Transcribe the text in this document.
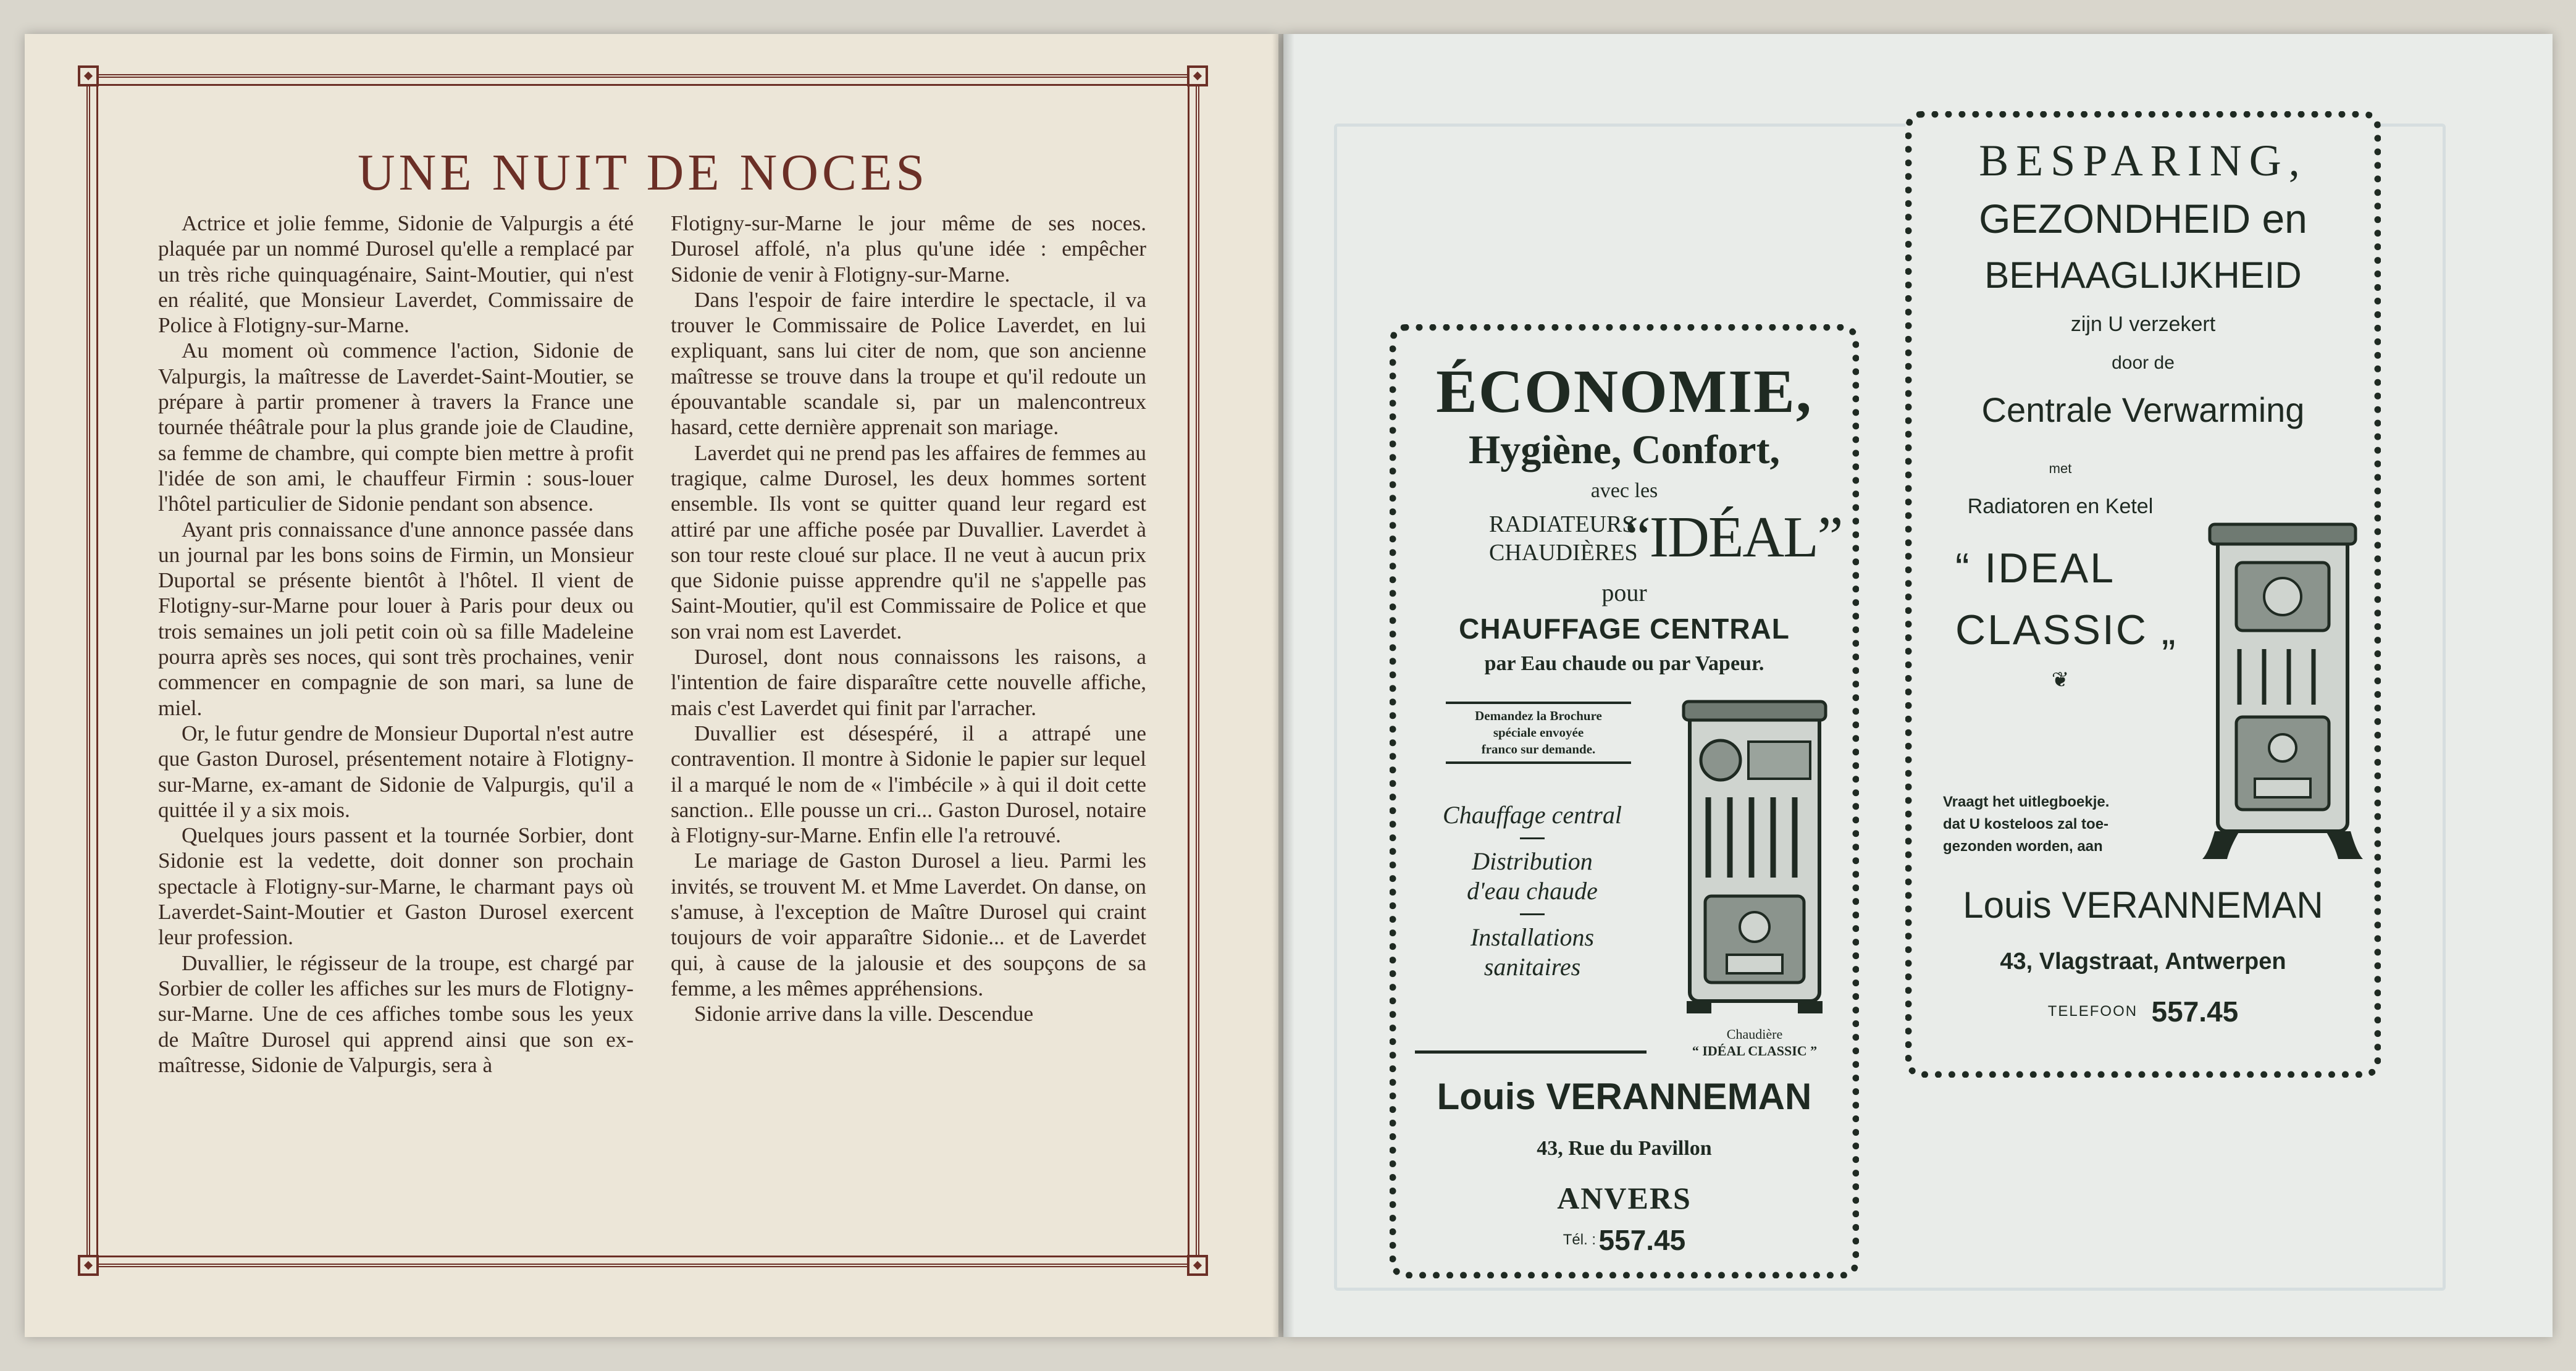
UNE NUIT DE NOCES

Actrice et jolie femme, Sidonie de Valpurgis a été plaquée par un nommé Durosel qu'elle a remplacé par un très riche quinquagénaire, Saint-Moutier, qui n'est en réalité, que Monsieur Laverdet, Commissaire de Police à Flotigny-sur-Marne.

Au moment où commence l'action, Sidonie de Valpurgis, la maîtresse de Laverdet-Saint-Moutier, se prépare à partir promener à travers la France une tournée théâtrale pour la plus grande joie de Claudine, sa femme de chambre, qui compte bien mettre à profit l'idée de son ami, le chauffeur Firmin : sous-louer l'hôtel particulier de Sidonie pendant son absence.

Ayant pris connaissance d'une annonce passée dans un journal par les bons soins de Firmin, un Monsieur Duportal se présente bientôt à l'hôtel. Il vient de Flotigny-sur-Marne pour louer à Paris pour deux ou trois semaines un joli petit coin où sa fille Madeleine pourra après ses noces, qui sont très prochaines, venir commencer en compagnie de son mari, sa lune de miel.

Or, le futur gendre de Monsieur Duportal n'est autre que Gaston Durosel, présentement notaire à Flotigny-sur-Marne, ex-amant de Sidonie de Valpurgis, qu'il a quittée il y a six mois.

Quelques jours passent et la tournée Sorbier, dont Sidonie est la vedette, doit donner son prochain spectacle à Flotigny-sur-Marne, le charmant pays où Laverdet-Saint-Moutier et Gaston Durosel exercent leur profession.

Duvallier, le régisseur de la troupe, est chargé par Sorbier de coller les affiches sur les murs de Flotigny-sur-Marne. Une de ces affiches tombe sous les yeux de Maître Durosel qui apprend ainsi que son ex-maîtresse, Sidonie de Valpurgis, sera à

Flotigny-sur-Marne le jour même de ses noces. Durosel affolé, n'a plus qu'une idée : empêcher Sidonie de venir à Flotigny-sur-Marne.

Dans l'espoir de faire interdire le spectacle, il va trouver le Commissaire de Police Laverdet, en lui expliquant, sans lui citer de nom, que son ancienne maîtresse se trouve dans la troupe et qu'il redoute un épouvantable scandale si, par un malencontreux hasard, cette dernière apprenait son mariage.

Laverdet qui ne prend pas les affaires de femmes au tragique, calme Durosel, les deux hommes sortent ensemble. Ils vont se quitter quand leur regard est attiré par une affiche posée par Duvallier. Laverdet à son tour reste cloué sur place. Il ne veut à aucun prix que Sidonie puisse apprendre qu'il ne s'appelle pas Saint-Moutier, qu'il est Commissaire de Police et que son vrai nom est Laverdet.

Durosel, dont nous connaissons les raisons, a l'intention de faire disparaître cette nouvelle affiche, mais c'est Laverdet qui finit par l'arracher.

Duvallier est désespéré, il a attrapé une contravention. Il montre à Sidonie le papier sur lequel il a marqué le nom de « l'imbécile » à qui il doit cette sanction.. Elle pousse un cri... Gaston Durosel, notaire à Flotigny-sur-Marne. Enfin elle l'a retrouvé.

Le mariage de Gaston Durosel a lieu. Parmi les invités, se trouvent M. et Mme Laverdet. On danse, on s'amuse, à l'exception de Maître Durosel qui craint toujours de voir apparaître Sidonie... et de Laverdet qui, à cause de la jalousie et des soupçons de sa femme, a les mêmes appréhensions.

Sidonie arrive dans la ville. Descendue

ÉCONOMIE,
Hygiène, Confort,
avec les
RADIATEURS
CHAUDIÈRES
“IDÉAL”
pour
CHAUFFAGE CENTRAL
par Eau chaude ou par Vapeur.
Demandez la Brochure
spéciale envoyée
franco sur demande.
Chauffage central
Distribution
d'eau chaude
Installations
sanitaires
Chaudière
“ IDÉAL CLASSIC ”
Louis VERANNEMAN
43, Rue du Pavillon
ANVERS
Tél. : 557.45
BESPARING,
GEZONDHEID en
BEHAAGLIJKHEID
zijn U verzekert
door de
Centrale Verwarming
met
Radiatoren en Ketel
“ IDEAL
CLASSIC „
❦
Vraagt het uitlegboekje.
dat U kosteloos zal toe-
gezonden worden, aan
Louis VERANNEMAN
43, Vlagstraat, Antwerpen
TELEFOON 557.45
